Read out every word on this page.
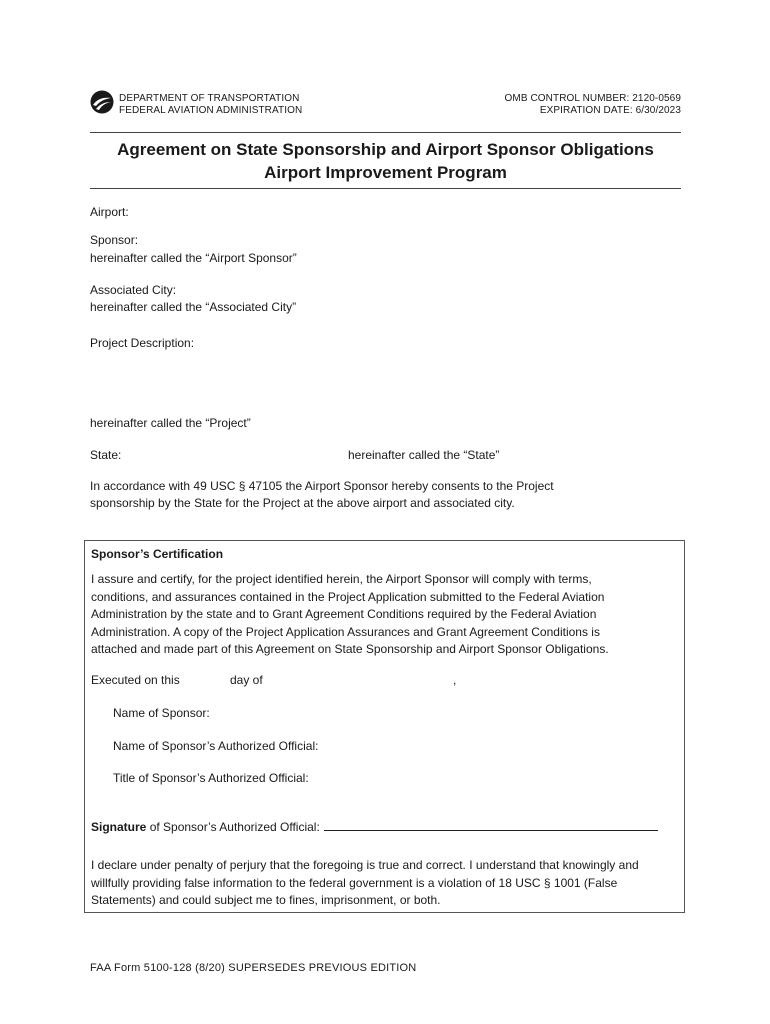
DEPARTMENT OF TRANSPORTATION
FEDERAL AVIATION ADMINISTRATION
OMB CONTROL NUMBER: 2120-0569
EXPIRATION DATE: 6/30/2023
Agreement on State Sponsorship and Airport Sponsor Obligations
Airport Improvement Program
Airport:
Sponsor:
hereinafter called the “Airport Sponsor”
Associated City:
hereinafter called the “Associated City”
Project Description:
hereinafter called the “Project”
State:	hereinafter called the “State”
In accordance with 49 USC § 47105 the Airport Sponsor hereby consents to the Project
sponsorship by the State for the Project at the above airport and associated city.
Sponsor’s Certification
I assure and certify, for the project identified herein, the Airport Sponsor will comply with terms,
conditions, and assurances contained in the Project Application submitted to the Federal Aviation
Administration by the state and to Grant Agreement Conditions required by the Federal Aviation
Administration. A copy of the Project Application Assurances and Grant Agreement Conditions is
attached and made part of this Agreement on State Sponsorship and Airport Sponsor Obligations.
Executed on this	day of	,
Name of Sponsor:
Name of Sponsor’s Authorized Official:
Title of Sponsor’s Authorized Official:
Signature of Sponsor’s Authorized Official:
I declare under penalty of perjury that the foregoing is true and correct. I understand that knowingly and
willfully providing false information to the federal government is a violation of 18 USC § 1001 (False
Statements) and could subject me to fines, imprisonment, or both.
FAA Form 5100-128 (8/20) SUPERSEDES PREVIOUS EDITION
